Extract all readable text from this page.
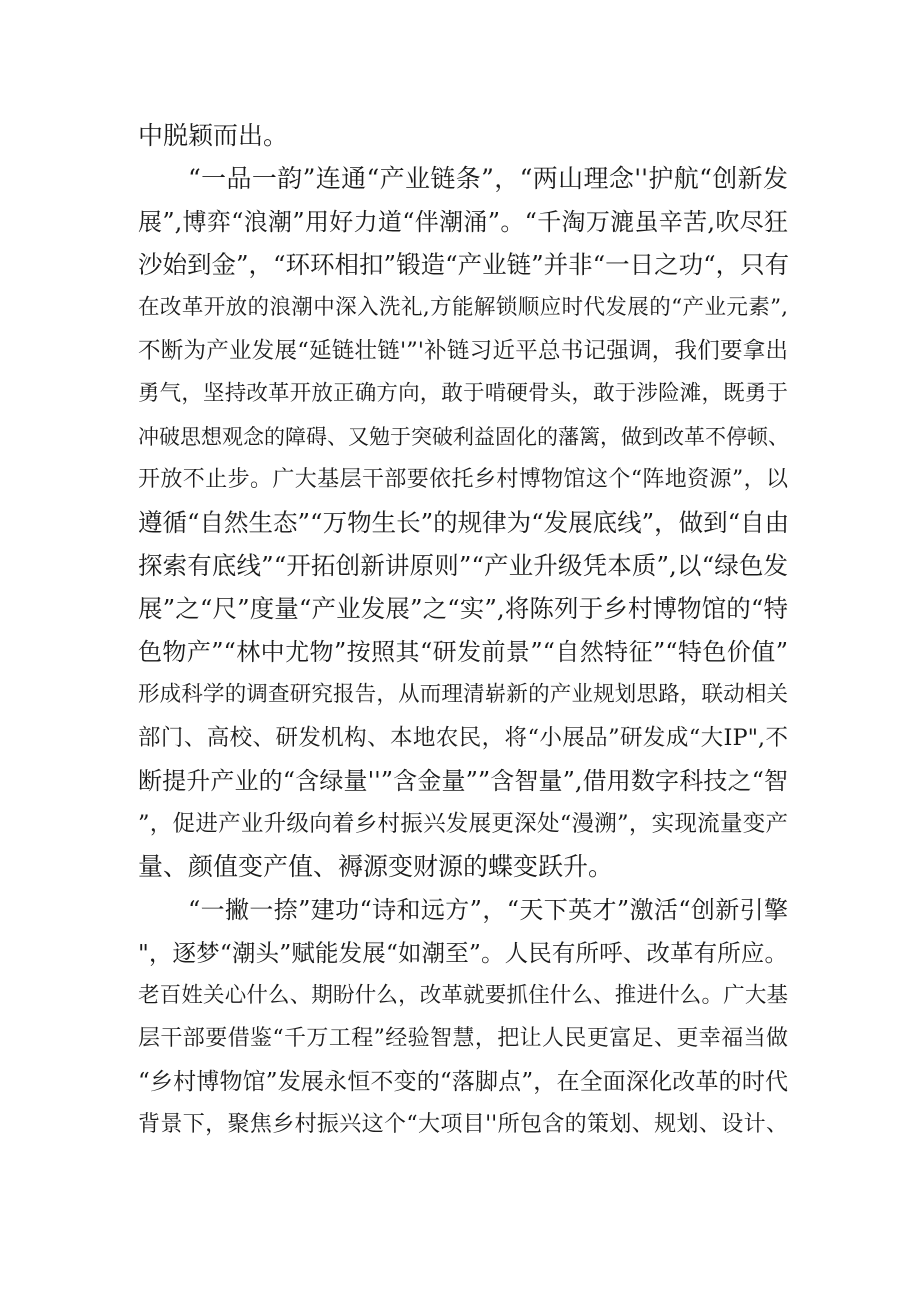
中脱颖而出。
“一品一韵”连通“产业链条”，“两山理念''护航“创新发
展”,博弈“浪潮”用好力道“伴潮涌”。“千淘万漉虽辛苦,吹尽狂
沙始到金”，“环环相扣”锻造“产业链”并非“一日之功“，只有
在改革开放的浪潮中深入洗礼,方能解锁顺应时代发展的“产业元素”,
不断为产业发展“延链壮链'”'补链习近平总书记强调，我们要拿出
勇气，坚持改革开放正确方向，敢于啃硬骨头，敢于涉险滩，既勇于
冲破思想观念的障碍、又勉于突破利益固化的藩篱，做到改革不停顿、
开放不止步。广大基层干部要依托乡村博物馆这个“阵地资源”，以
遵循“自然生态”“万物生长”的规律为“发展底线”，做到“自由
探索有底线”“开拓创新讲原则”“产业升级凭本质”,以“绿色发
展”之“尺”度量“产业发展”之“实”,将陈列于乡村博物馆的“特
色物产”“林中尤物”按照其“研发前景”“自然特征”“特色价值”
形成科学的调查研究报告，从而理清崭新的产业规划思路，联动相关
部门、高校、研发机构、本地农民，将“小展品”研发成“大IP",不
断提升产业的“含绿量''”含金量””含智量”,借用数字科技之“智
”，促进产业升级向着乡村振兴发展更深处“漫溯”，实现流量变产
量、颜值变产值、褥源变财源的蝶变跃升。
“一撇一捺”建功“诗和远方”，“天下英才”激活“创新引擎
"，逐梦“潮头”赋能发展“如潮至”。人民有所呼、改革有所应。
老百姓关心什么、期盼什么，改革就要抓住什么、推进什么。广大基
层干部要借鉴“千万工程”经验智慧，把让人民更富足、更幸福当做
“乡村博物馆”发展永恒不变的“落脚点”，在全面深化改革的时代
背景下，聚焦乡村振兴这个“大项目''所包含的策划、规划、设计、
